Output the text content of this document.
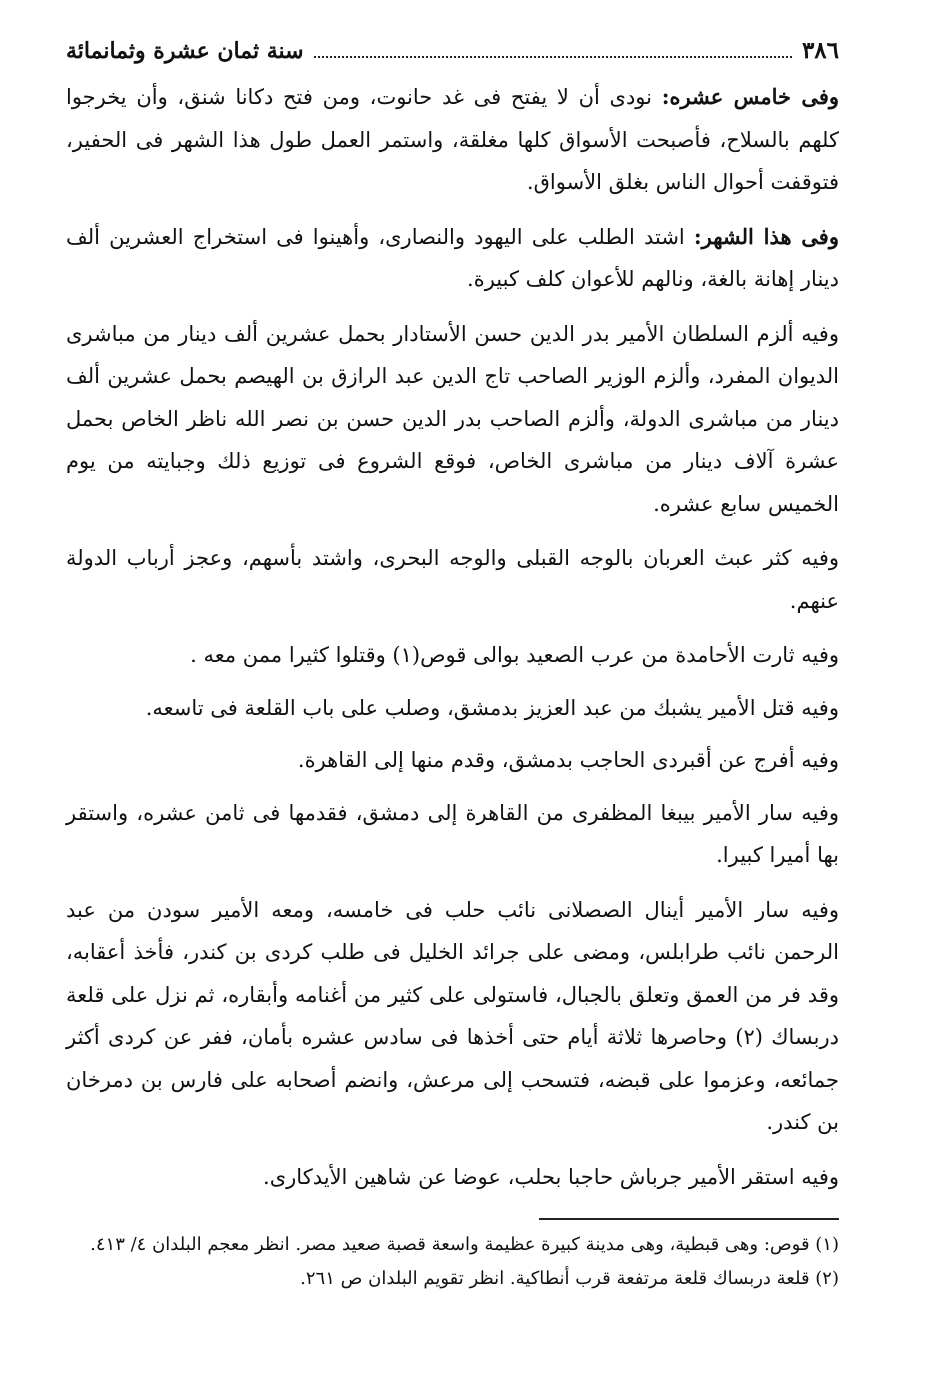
٣٨٦
سنة ثمان عشرة وثمانمائة

وفى خامس عشره: نودى أن لا يفتح فى غد حانوت، ومن فتح دكانا شنق، وأن يخرجوا كلهم بالسلاح، فأصبحت الأسواق كلها مغلقة، واستمر العمل طول هذا الشهر فى الحفير، فتوقفت أحوال الناس بغلق الأسواق.

وفى هذا الشهر: اشتد الطلب على اليهود والنصارى، وأهينوا فى استخراج العشرين ألف دينار إهانة بالغة، ونالهم للأعوان كلف كبيرة.

وفيه ألزم السلطان الأمير بدر الدين حسن الأستادار بحمل عشرين ألف دينار من مباشرى الديوان المفرد، وألزم الوزير الصاحب تاج الدين عبد الرازق بن الهيصم بحمل عشرين ألف دينار من مباشرى الدولة، وألزم الصاحب بدر الدين حسن بن نصر الله ناظر الخاص بحمل عشرة آلاف دينار من مباشرى الخاص، فوقع الشروع فى توزيع ذلك وجبايته من يوم الخميس سابع عشره.

وفيه كثر عبث العربان بالوجه القبلى والوجه البحرى، واشتد بأسهم، وعجز أرباب الدولة عنهم.

وفيه ثارت الأحامدة من عرب الصعيد بوالى قوص(١) وقتلوا كثيرا ممن معه .

وفيه قتل الأمير يشبك من عبد العزيز بدمشق، وصلب على باب القلعة فى تاسعه.

وفيه أفرج عن أقبردى الحاجب بدمشق، وقدم منها إلى القاهرة.

وفيه سار الأمير بيبغا المظفرى من القاهرة إلى دمشق، فقدمها فى ثامن عشره، واستقر بها أميرا كبيرا.

وفيه سار الأمير أينال الصصلانى نائب حلب فى خامسه، ومعه الأمير سودن من عبد الرحمن نائب طرابلس، ومضى على جرائد الخليل فى طلب كردى بن كندر، فأخذ أعقابه، وقد فر من العمق وتعلق بالجبال، فاستولى على كثير من أغنامه وأبقاره، ثم نزل على قلعة دربساك (٢) وحاصرها ثلاثة أيام حتى أخذها فى سادس عشره بأمان، ففر عن كردى أكثر جمائعه، وعزموا على قبضه، فتسحب إلى مرعش، وانضم أصحابه على فارس بن دمرخان بن كندر.

وفيه استقر الأمير جرباش حاجبا بحلب، عوضا عن شاهين الأيدكارى.

(١) قوص: وهى قبطية، وهى مدينة كبيرة عظيمة واسعة قصبة صعيد مصر. انظر معجم البلدان ٤/ ٤١٣.

(٢) قلعة دربساك قلعة مرتفعة قرب أنطاكية. انظر تقويم البلدان ص ٢٦١.
